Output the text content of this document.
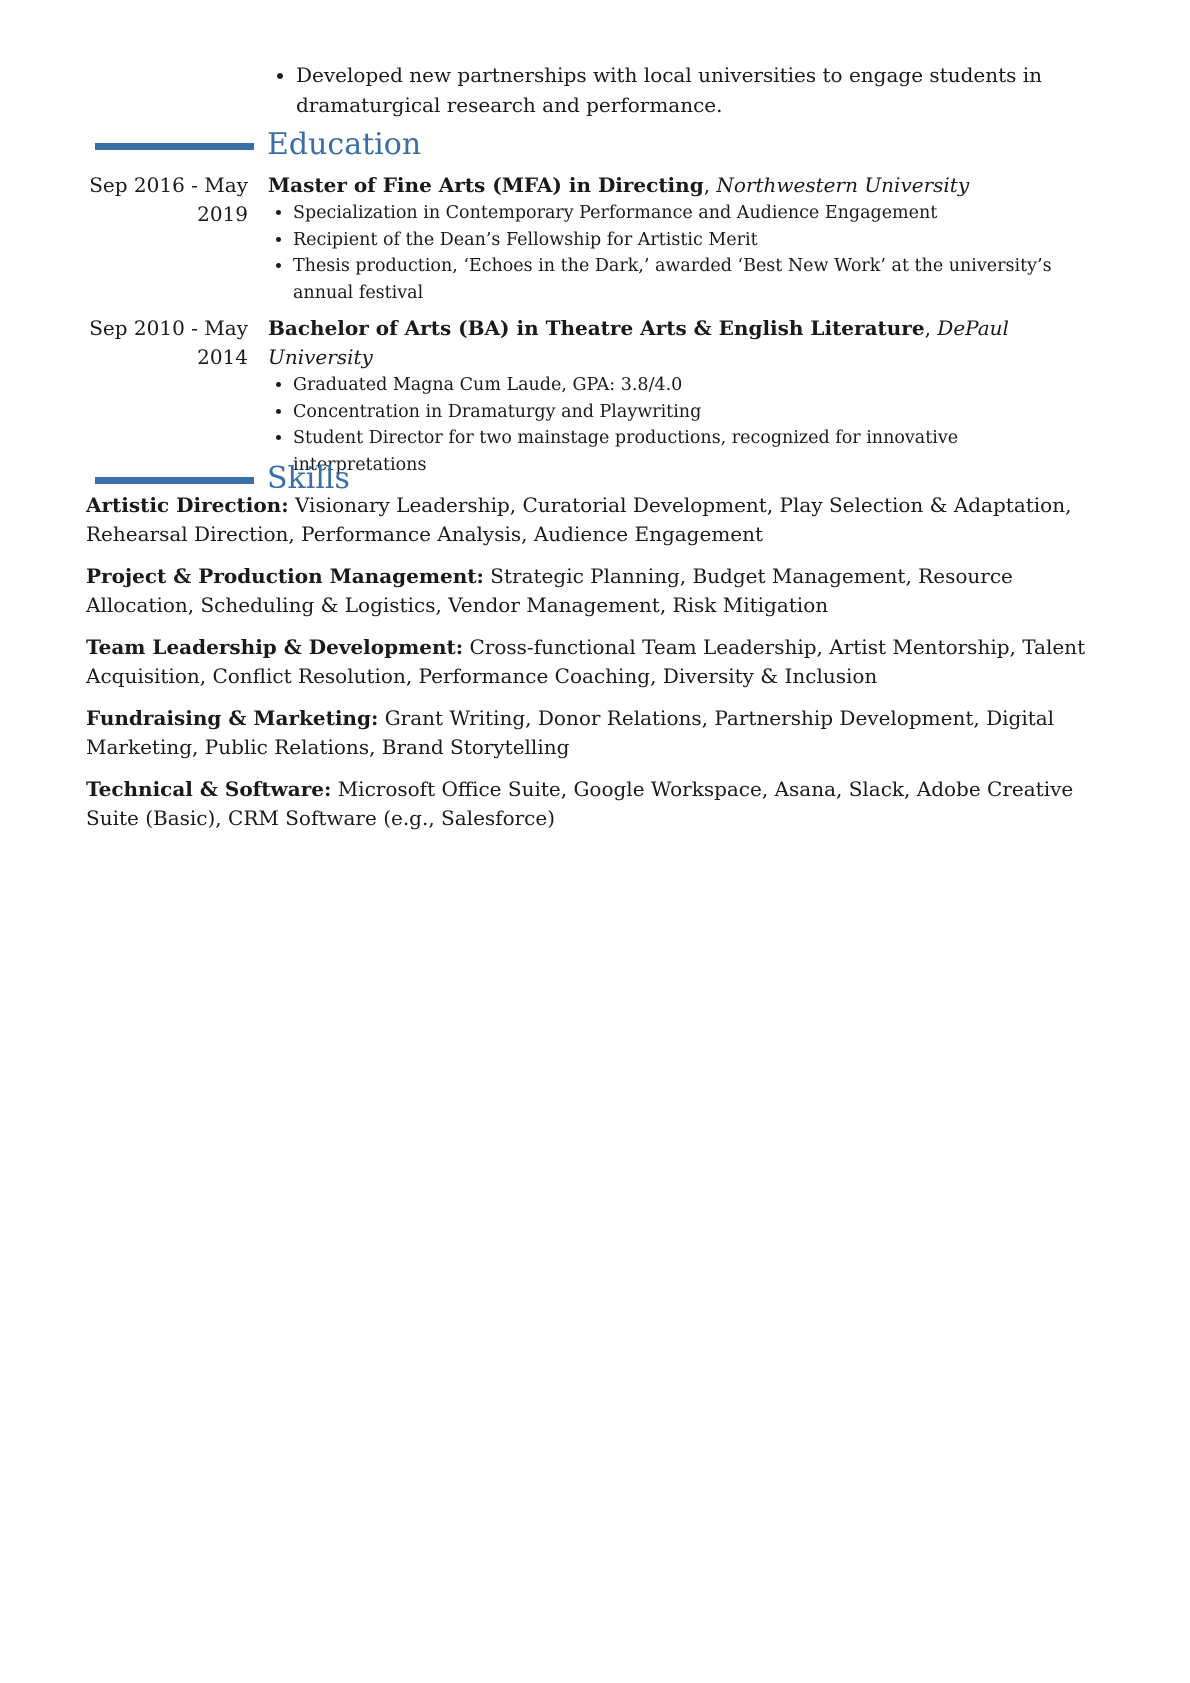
• Developed new partnerships with local universities to engage students in dramaturgical research and performance.
Education
Sep 2016 - May 2019
Master of Fine Arts (MFA) in Directing, Northwestern University
• Specialization in Contemporary Performance and Audience Engagement
• Recipient of the Dean’s Fellowship for Artistic Merit
• Thesis production, ‘Echoes in the Dark,’ awarded ‘Best New Work’ at the university’s annual festival
Sep 2010 - May 2014
Bachelor of Arts (BA) in Theatre Arts & English Literature, DePaul University
• Graduated Magna Cum Laude, GPA: 3.8/4.0
• Concentration in Dramaturgy and Playwriting
• Student Director for two mainstage productions, recognized for innovative interpretations
Skills

Artistic Direction: Visionary Leadership, Curatorial Development, Play Selection & Adaptation, Rehearsal Direction, Performance Analysis, Audience Engagement

Project & Production Management: Strategic Planning, Budget Management, Resource Allocation, Scheduling & Logistics, Vendor Management, Risk Mitigation

Team Leadership & Development: Cross-functional Team Leadership, Artist Mentorship, Talent Acquisition, Conflict Resolution, Performance Coaching, Diversity & Inclusion

Fundraising & Marketing: Grant Writing, Donor Relations, Partnership Development, Digital Marketing, Public Relations, Brand Storytelling

Technical & Software: Microsoft Office Suite, Google Workspace, Asana, Slack, Adobe Creative Suite (Basic), CRM Software (e.g., Salesforce)
